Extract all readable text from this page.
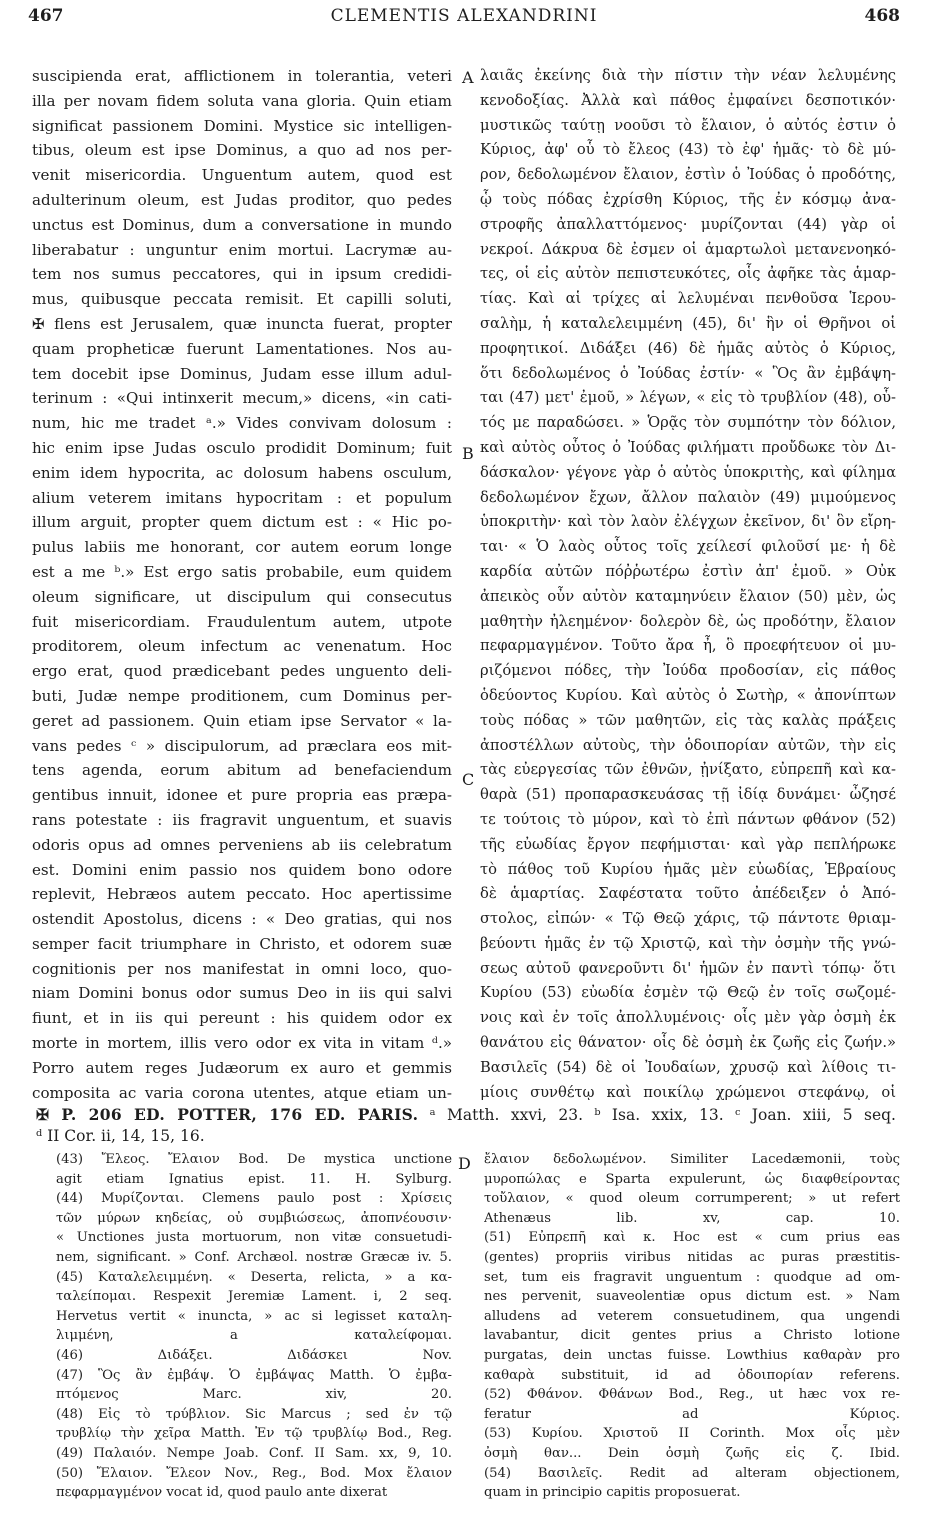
467	CLEMENTIS ALEXANDRINI	468
suscipienda erat, afflictionem in tolerantia, veteri
illa per novam fidem soluta vana gloria. Quin etiam
significat passionem Domini. Mystice sic intelligen-
tibus, oleum est ipse Dominus, a quo ad nos per-
venit misericordia. Unguentum autem, quod est
adulterinum oleum, est Judas proditor, quo pedes
unctus est Dominus, dum a conversatione in mundo
liberabatur : unguntur enim mortui. Lacrymæ au-
tem nos sumus peccatores, qui in ipsum credidi-
mus, quibusque peccata remisit. Et capilli soluti,
✠ flens est Jerusalem, quæ inuncta fuerat, propter
quam propheticæ fuerunt Lamentationes. Nos au-
tem docebit ipse Dominus, Judam esse illum adul-
terinum : «Qui intinxerit mecum,» dicens, «in cati-
num, hic me tradet ᵃ.» Vides convivam dolosum :
hic enim ipse Judas osculo prodidit Dominum; fuit
enim idem hypocrita, ac dolosum habens osculum,
alium veterem imitans hypocritam : et populum
illum arguit, propter quem dictum est : « Hic po-
pulus labiis me honorant, cor autem eorum longe
est a me ᵇ.» Est ergo satis probabile, eum quidem
oleum significare, ut discipulum qui consecutus
fuit misericordiam. Fraudulentum autem, utpote
proditorem, oleum infectum ac venenatum. Hoc
ergo erat, quod prædicebant pedes unguento deli-
buti, Judæ nempe proditionem, cum Dominus per-
geret ad passionem. Quin etiam ipse Servator « la-
vans pedes ᶜ » discipulorum, ad præclara eos mit-
tens agenda, eorum abitum ad benefaciendum
gentibus innuit, idonee et pure propria eas præpa-
rans potestate : iis fragravit unguentum, et suavis
odoris opus ad omnes perveniens ab iis celebratum
est. Domini enim passio nos quidem bono odore
replevit, Hebræos autem peccato. Hoc apertissime
ostendit Apostolus, dicens : « Deo gratias, qui nos
semper facit triumphare in Christo, et odorem suæ
cognitionis per nos manifestat in omni loco, quo-
niam Domini bonus odor sumus Deo in iis qui salvi
fiunt, et in iis qui pereunt : his quidem odor ex
morte in mortem, illis vero odor ex vita in vitam ᵈ.»
Porro autem reges Judæorum ex auro et gemmis
composita ac varia corona utentes, atque etiam un-
λαιᾶς ἐκείνης διὰ τὴν πίστιν τὴν νέαν λελυμένης
κενοδοξίας. Ἀλλὰ καὶ πάθος ἐμφαίνει δεσποτικόν·
μυστικῶς ταύτῃ νοοῦσι τὸ ἔλαιον, ὁ αὐτός ἐστιν ὁ
Κύριος, ἀφ' οὗ τὸ ἔλεος (43) τὸ ἐφ' ἡμᾶς· τὸ δὲ μύ-
ρον, δεδολωμένον ἔλαιον, ἐστὶν ὁ Ἰούδας ὁ προδότης,
ᾧ τοὺς πόδας ἐχρίσθη Κύριος, τῆς ἐν κόσμῳ ἀνα-
στροφῆς ἀπαλλαττόμενος· μυρίζονται (44) γὰρ οἱ
νεκροί. Δάκρυα δὲ ἐσμεν οἱ ἁμαρτωλοὶ μετανενοηκό-
τες, οἱ εἰς αὐτὸν πεπιστευκότες, οἷς ἀφῆκε τὰς ἁμαρ-
τίας. Καὶ αἱ τρίχες αἱ λελυμέναι πενθοῦσα Ἱερου-
σαλὴμ, ἡ καταλελειμμένη (45), δι' ἣν οἱ Θρῆνοι οἱ
προφητικοί. Διδάξει (46) δὲ ἡμᾶς αὐτὸς ὁ Κύριος,
ὅτι δεδολωμένος ὁ Ἰούδας ἐστίν· « Ὃς ἂν ἐμβάψη-
ται (47) μετ' ἐμοῦ, » λέγων, « εἰς τὸ τρυβλίον (48), οὗ-
τός με παραδώσει. » Ὁρᾷς τὸν συμπότην τὸν δόλιον,
καὶ αὐτὸς οὗτος ὁ Ἰούδας φιλήματι προὔδωκε τὸν Δι-
δάσκαλον· γέγονε γὰρ ὁ αὐτὸς ὑποκριτὴς, καὶ φίλημα
δεδολωμένον ἔχων, ἄλλον παλαιὸν (49) μιμούμενος
ὑποκριτὴν· καὶ τὸν λαὸν ἐλέγχων ἐκεῖνον, δι' ὃν εἴρη-
ται· « Ὁ λαὸς οὗτος τοῖς χείλεσί φιλοῦσί με· ἡ δὲ
καρδία αὐτῶν πόῤῥωτέρω ἐστὶν ἀπ' ἐμοῦ. » Οὐκ
ἀπεικὸς οὖν αὐτὸν καταμηνύειν ἔλαιον (50) μὲν, ὡς
μαθητὴν ἠλεημένον· δολερὸν δὲ, ὡς προδότην, ἔλαιον
πεφαρμαγμένον. Τοῦτο ἄρα ἦ, ὃ προεφήτευον οἱ μυ-
ριζόμενοι πόδες, τὴν Ἰούδα προδοσίαν, εἰς πάθος
ὁδεύοντος Κυρίου. Καὶ αὐτὸς ὁ Σωτὴρ, « ἀπονίπτων
τοὺς πόδας » τῶν μαθητῶν, εἰς τὰς καλὰς πράξεις
ἀποστέλλων αὐτοὺς, τὴν ὁδοιπορίαν αὐτῶν, τὴν εἰς
τὰς εὐεργεσίας τῶν ἐθνῶν, ᾐνίξατο, εὐπρεπῆ καὶ κα-
θαρὰ (51) προπαρασκευάσας τῇ ἰδίᾳ δυνάμει· ὦζησέ
τε τούτοις τὸ μύρον, καὶ τὸ ἐπὶ πάντων φθάνον (52)
τῆς εὐωδίας ἔργον πεφήμισται· καὶ γὰρ πεπλήρωκε
τὸ πάθος τοῦ Κυρίου ἡμᾶς μὲν εὐωδίας, Ἑβραίους
δὲ ἁμαρτίας. Σαφέστατα τοῦτο ἀπέδειξεν ὁ Ἀπό-
στολος, εἰπών· « Τῷ Θεῷ χάρις, τῷ πάντοτε θριαμ-
βεύοντι ἡμᾶς ἐν τῷ Χριστῷ, καὶ τὴν ὀσμὴν τῆς γνώ-
σεως αὐτοῦ φανεροῦντι δι' ἡμῶν ἐν παντὶ τόπῳ· ὅτι
Κυρίου (53) εὐωδία ἐσμὲν τῷ Θεῷ ἐν τοῖς σωζομέ-
νοις καὶ ἐν τοῖς ἀπολλυμένοις· οἷς μὲν γὰρ ὀσμὴ ἐκ
θανάτου εἰς θάνατον· οἷς δὲ ὀσμὴ ἐκ ζωῆς εἰς ζωήν.»
Βασιλεῖς (54) δὲ οἱ Ἰουδαίων, χρυσῷ καὶ λίθοις τι-
μίοις συνθέτῳ καὶ ποικίλῳ χρώμενοι στεφάνῳ, οἱ
A
B
C
D
✠ P. 206 ED. POTTER, 176 ED. PARIS. ᵃ Matth. xxvi, 23. ᵇ Isa. xxix, 13. ᶜ Joan. xiii, 5 seq.
ᵈ II Cor. ii, 14, 15, 16.
(43) Ἔλεος. Ἔλαιον Bod. De mystica unctione
agit etiam Ignatius epist. 11. H. Sylburg.
(44) Μυρίζονται. Clemens paulo post : Χρίσεις
τῶν μύρων κηδείας, οὐ συμβιώσεως, ἀποπνέουσιν·
« Unctiones justa mortuorum, non vitæ consuetudi-
nem, significant. » Conf. Archæol. nostræ Græcæ iv. 5.
(45) Καταλελειμμένη. « Deserta, relicta, » a κα-
ταλείπομαι. Respexit Jeremiæ Lament. i, 2 seq.
Hervetus vertit « inuncta, » ac si legisset καταλη-
λιμμένη, a καταλείφομαι.
(46) Διδάξει. Διδάσκει Nov.
(47) Ὃς ἂν ἐμβάψ. Ὁ ἐμβάψας Matth. Ὁ ἐμβα-
πτόμενος Marc. xiv, 20.
(48) Εἰς τὸ τρύβλιον. Sic Marcus ; sed ἐν τῷ
τρυβλίῳ τὴν χεῖρα Matth. Ἐν τῷ τρυβλίῳ Bod., Reg.
(49) Παλαιόν. Nempe Joab. Conf. II Sam. xx, 9, 10.
(50) Ἔλαιον. Ἔλεον Nov., Reg., Bod. Mox ἔλαιον
πεφαρμαγμένον vocat id, quod paulo ante dixerat
ἔλαιον δεδολωμένον. Similiter Lacedæmonii, τοὺς
μυροπώλας e Sparta expulerunt, ὡς διαφθείροντας
τοὔλαιον, « quod oleum corrumperent; » ut refert
Athenæus lib. xv, cap. 10.
(51) Εὐπρεπῆ καὶ κ. Hoc est « cum prius eas
(gentes) propriis viribus nitidas ac puras præstitis-
set, tum eis fragravit unguentum : quodque ad om-
nes pervenit, suaveolentiæ opus dictum est. » Nam
alludens ad veterem consuetudinem, qua ungendi
lavabantur, dicit gentes prius a Christo lotione
purgatas, dein unctas fuisse. Lowthius καθαρὰν pro
καθαρὰ substituit, id ad ὁδοιπορίαν referens.
(52) Φθάνον. Φθάνων Bod., Reg., ut hæc vox re-
feratur ad Κύριος.
(53) Κυρίου. Χριστοῦ II Corinth. Mox οἷς μὲν
ὀσμὴ θαν... Dein ὀσμὴ ζωῆς εἰς ζ. Ibid.
(54) Βασιλεῖς. Redit ad alteram objectionem,
quam in principio capitis proposuerat.
